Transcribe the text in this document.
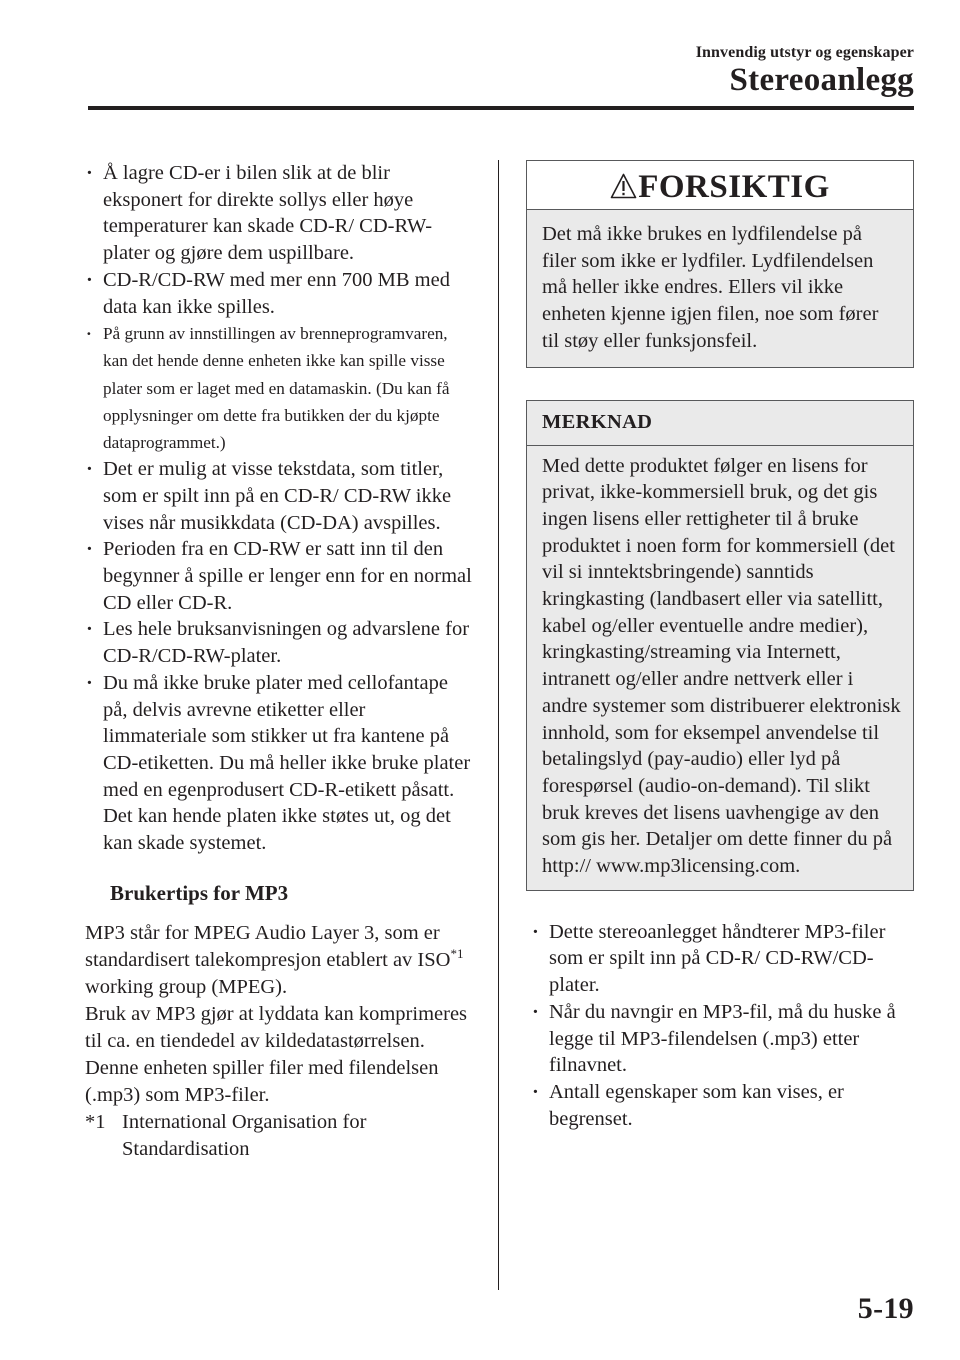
Innvendig utstyr og egenskaper
Stereoanlegg
· Å lagre CD-er i bilen slik at de blir eksponert for direkte sollys eller høye temperaturer kan skade CD-R/ CD-RW-plater og gjøre dem uspillbare.
· CD-R/CD-RW med mer enn 700 MB med data kan ikke spilles.
· På grunn av innstillingen av brenneprogramvaren, kan det hende denne enheten ikke kan spille visse plater som er laget med en datamaskin. (Du kan få opplysninger om dette fra butikken der du kjøpte dataprogrammet.)
· Det er mulig at visse tekstdata, som titler, som er spilt inn på en CD-R/ CD-RW ikke vises når musikkdata (CD-DA) avspilles.
· Perioden fra en CD-RW er satt inn til den begynner å spille er lenger enn for en normal CD eller CD-R.
· Les hele bruksanvisningen og advarslene for CD-R/CD-RW-plater.
· Du må ikke bruke plater med cellofantape på, delvis avrevne etiketter eller limmateriale som stikker ut fra kantene på CD-etiketten. Du må heller ikke bruke plater med en egenprodusert CD-R-etikett påsatt. Det kan hende platen ikke støtes ut, og det kan skade systemet.
Brukertips for MP3

MP3 står for MPEG Audio Layer 3, som er standardisert talekompresjon etablert av ISO$^{*1}$ working group (MPEG).

Bruk av MP3 gjør at lyddata kan komprimeres til ca. en tiendedel av kildedatastørrelsen.

Denne enheten spiller filer med filendelsen (.mp3) som MP3-filer.

*1 International Organisation for Standardisation
FORSIKTIG
Det må ikke brukes en lydfilendelse på filer som ikke er lydfiler. Lydfilendelsen må heller ikke endres. Ellers vil ikke enheten kjenne igjen filen, noe som fører til støy eller funksjonsfeil.
MERKNAD
Med dette produktet følger en lisens for privat, ikke-kommersiell bruk, og det gis ingen lisens eller rettigheter til å bruke produktet i noen form for kommersiell (det vil si inntektsbringende) sanntids kringkasting (landbasert eller via satellitt, kabel og/eller eventuelle andre medier), kringkasting/streaming via Internett, intranett og/eller andre nettverk eller i andre systemer som distribuerer elektronisk innhold, som for eksempel anvendelse til betalingslyd (pay-audio) eller lyd på forespørsel (audio-on-demand). Til slikt bruk kreves det lisens uavhengige av den som gis her. Detaljer om dette finner du på http:// www.mp3licensing.com.
· Dette stereoanlegget håndterer MP3-filer som er spilt inn på CD-R/ CD-RW/CD-plater.
· Når du navngir en MP3-fil, må du huske å legge til MP3-filendelsen (.mp3) etter filnavnet.
· Antall egenskaper som kan vises, er begrenset.
5-19
